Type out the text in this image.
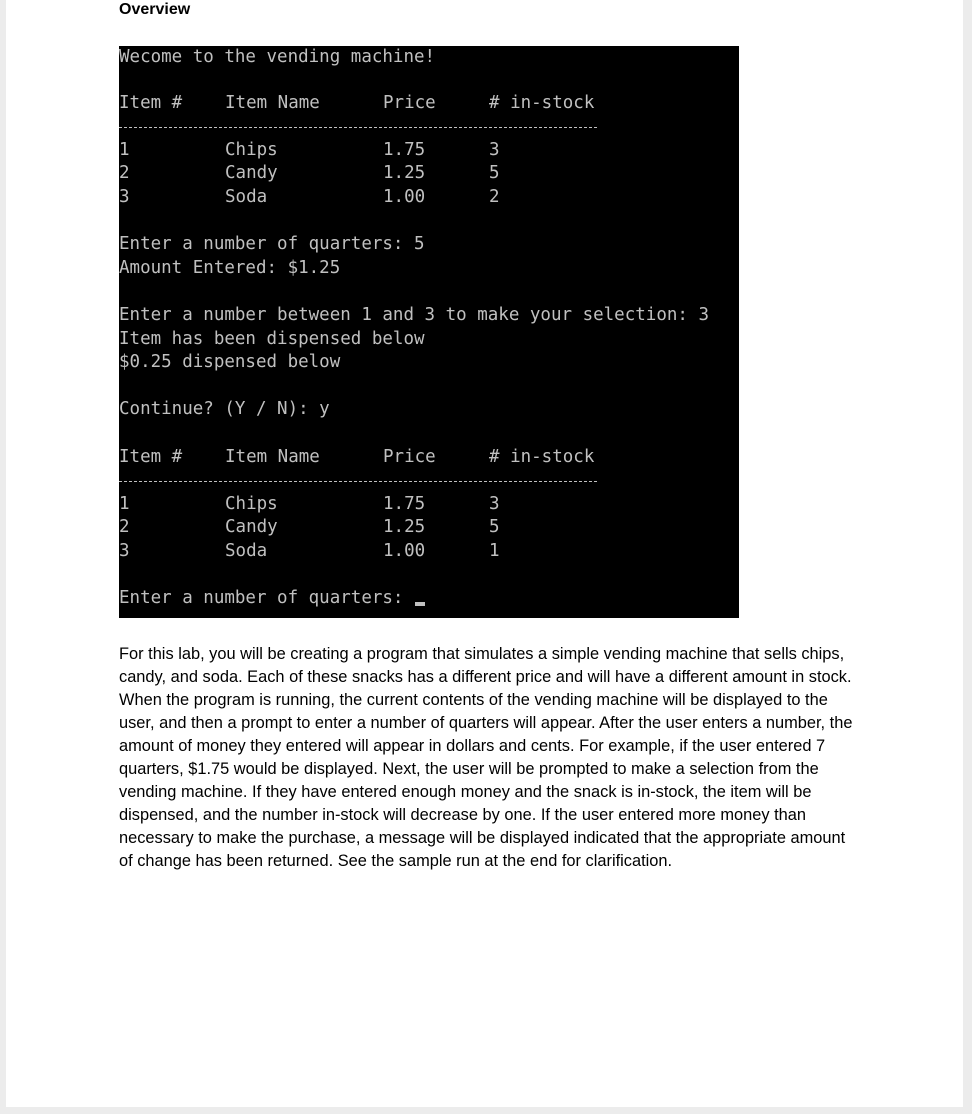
Overview
Wecome to the vending machine!
Item # Item Name	Price	# in-stock
1	Chips	1.75	3
2	Candy	1.25	5
3	Soda	1.00	2
Enter a number of quarters: 5
Amount Entered: $1.25
Enter a number between 1 and 3 to make your selection: 3
Item has been dispensed below
$0.25 dispensed below
Continue? (Y / N): y
Item # Item Name	Price	# in-stock
1	Chips	1.75	3
2	Candy	1.25	5
3	Soda	1.00	1
Enter a number of quarters:

For this lab, you will be creating a program that simulates a simple vending machine that sells chips, candy, and soda. Each of these snacks has a different price and will have a different amount in stock. When the program is running, the current contents of the vending machine will be displayed to the user, and then a prompt to enter a number of quarters will appear. After the user enters a number, the amount of money they entered will appear in dollars and cents. For example, if the user entered 7 quarters, $1.75 would be displayed. Next, the user will be prompted to make a selection from the vending machine. If they have entered enough money and the snack is in-stock, the item will be dispensed, and the number in-stock will decrease by one. If the user entered more money than necessary to make the purchase, a message will be displayed indicated that the appropriate amount of change has been returned. See the sample run at the end for clarification.
